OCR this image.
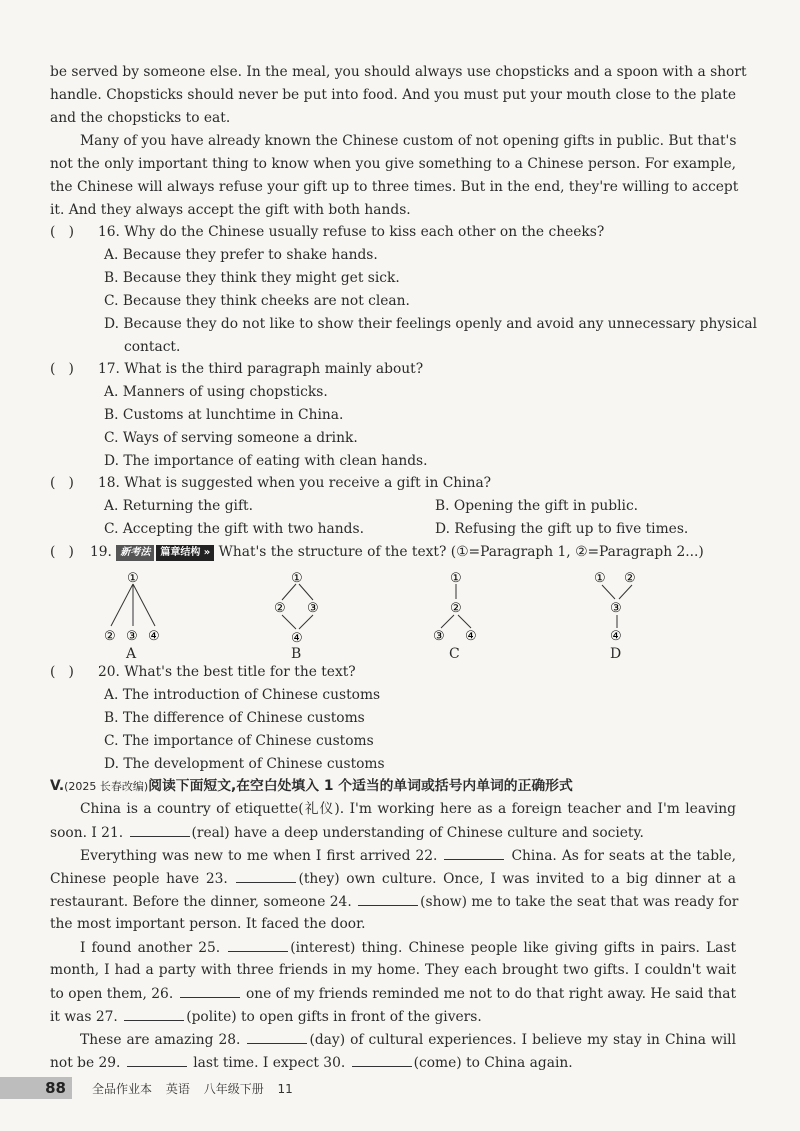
be served by someone else. In the meal, you should always use chopsticks and a spoon with a short
handle. Chopsticks should never be put into food. And you must put your mouth close to the plate
and the chopsticks to eat.
Many of you have already known the Chinese custom of not opening gifts in public. But that's
not the only important thing to know when you give something to a Chinese person. For example,
the Chinese will always refuse your gift up to three times. But in the end, they're willing to accept
it. And they always accept the gift with both hands.
( ) 16. Why do the Chinese usually refuse to kiss each other on the cheeks?
A. Because they prefer to shake hands.
B. Because they think they might get sick.
C. Because they think cheeks are not clean.
D. Because they do not like to show their feelings openly and avoid any unnecessary physical
contact.
(   ) 17. What is the third paragraph mainly about?
A. Manners of using chopsticks.
B. Customs at lunchtime in China.
C. Ways of serving someone a drink.
D. The importance of eating with clean hands.
(   ) 18. What is suggested when you receive a gift in China?
A. Returning the gift.	B. Opening the gift in public.
C. Accepting the gift with two hands.	D. Refusing the gift up to five times.
(   ) 19. 新考法 篇章结构 » What's the structure of the text? (①=Paragraph 1, ②=Paragraph 2...)
①
② ③ ④
A
①
② ③
④
B
①
②
③ ④
C
① ②
③
④
D
(   ) 20. What's the best title for the text?
A. The introduction of Chinese customs
B. The difference of Chinese customs
C. The importance of Chinese customs
D. The development of Chinese customs
V.(2025 长春改编)阅读下面短文,在空白处填入 1 个适当的单词或括号内单词的正确形式
China is a country of etiquette(礼仪). I'm working here as a foreign teacher and I'm leaving
soon. I 21.	(real) have a deep understanding of Chinese culture and society.
Everything was new to me when I first arrived 22.	China. As for seats at the table,
Chinese people have 23.	(they) own culture. Once, I was invited to a big dinner at a
restaurant. Before the dinner, someone 24.	(show) me to take the seat that was ready for
the most important person. It faced the door.
I found another 25.	(interest) thing. Chinese people like giving gifts in pairs. Last
month, I had a party with three friends in my home. They each brought two gifts. I couldn't wait
to open them, 26.	one of my friends reminded me not to do that right away. He said that
it was 27.	(polite) to open gifts in front of the givers.
These are amazing 28.	(day) of cultural experiences. I believe my stay in China will
not be 29.	last time. I expect 30.	(come) to China again.
88	全品作业本 英语 八年级下册 11
